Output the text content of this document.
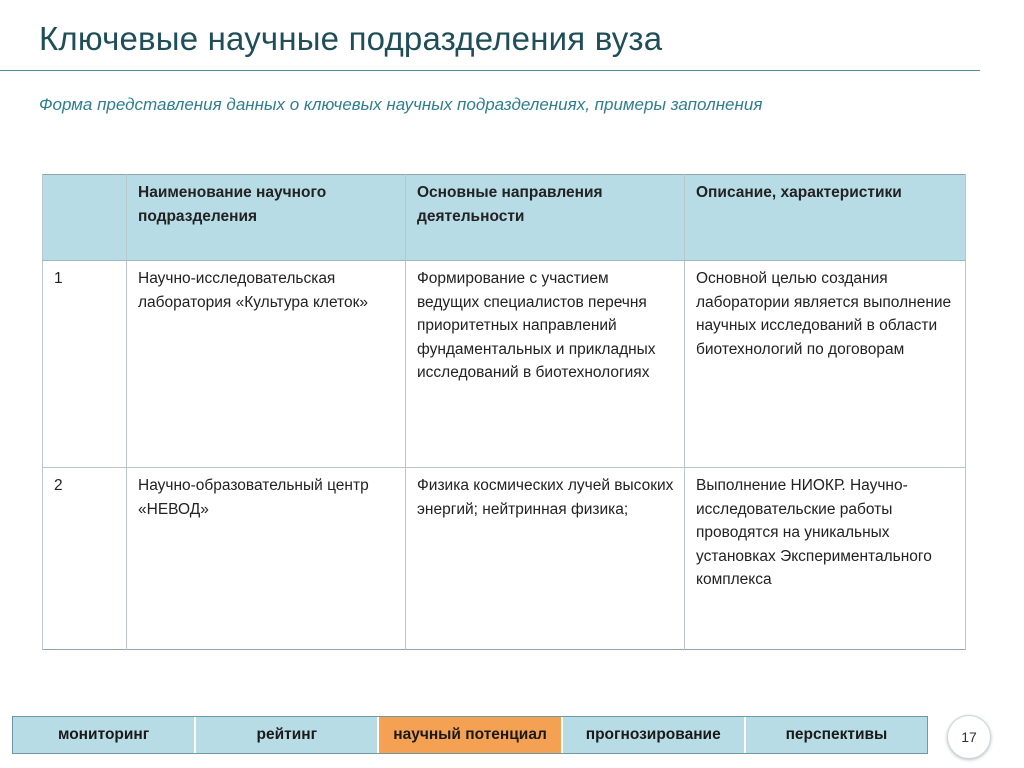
Ключевые научные подразделения вуза
Форма представления данных о ключевых научных подразделениях, примеры заполнения
	Наименование научного подразделения	Основные направления деятельности	Описание, характеристики
1	Научно-исследовательская лаборатория «Культура клеток»	Формирование с участием ведущих специалистов перечня приоритетных направлений фундаментальных и прикладных исследований в биотехнологиях	Основной целью создания лаборатории является выполнение научных исследований в области биотехнологий по договорам
2	Научно-образовательный центр «НЕВОД»	Физика космических лучей высоких энергий; нейтринная физика;	Выполнение НИОКР. Научно-исследовательские работы проводятся на уникальных установках Экспериментального комплекса
мониторинг	рейтинг	научный потенциал	прогнозирование	перспективы	17
